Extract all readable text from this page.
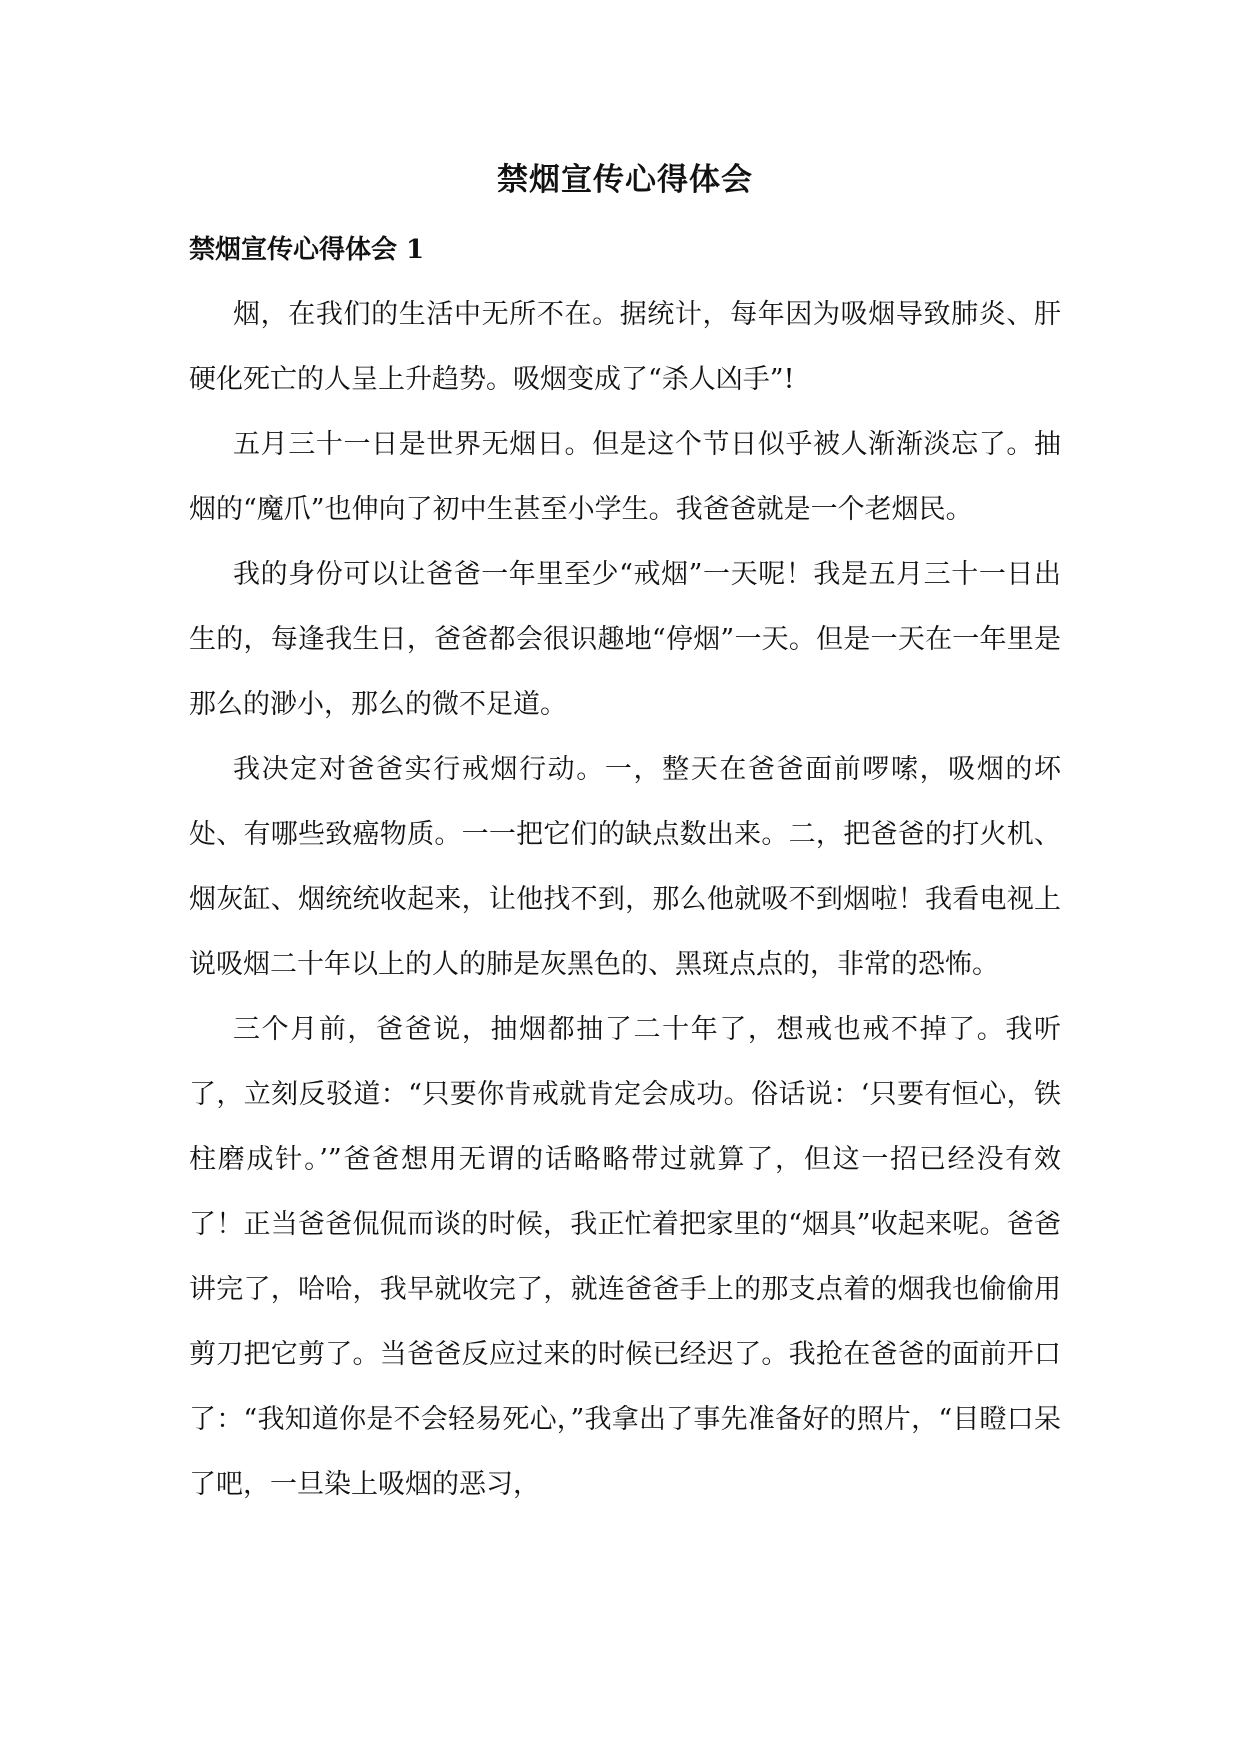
禁烟宣传心得体会
禁烟宣传心得体会 1

烟，在我们的生活中无所不在。据统计，每年因为吸烟导致肺炎、肝硬化死亡的人呈上升趋势。吸烟变成了“杀人凶手”!

五月三十一日是世界无烟日。但是这个节日似乎被人渐渐淡忘了。抽烟的“魔爪”也伸向了初中生甚至小学生。我爸爸就是一个老烟民。

我的身份可以让爸爸一年里至少“戒烟”一天呢！我是五月三十一日出生的，每逢我生日，爸爸都会很识趣地“停烟”一天。但是一天在一年里是那么的渺小，那么的微不足道。

我决定对爸爸实行戒烟行动。一，整天在爸爸面前啰嗦，吸烟的坏处、有哪些致癌物质。一一把它们的缺点数出来。二，把爸爸的打火机、烟灰缸、烟统统收起来，让他找不到，那么他就吸不到烟啦！我看电视上说吸烟二十年以上的人的肺是灰黑色的、黑斑点点的，非常的恐怖。

三个月前，爸爸说，抽烟都抽了二十年了，想戒也戒不掉了。我听了，立刻反驳道：“只要你肯戒就肯定会成功。俗话说：‘只要有恒心，铁柱磨成针。’”爸爸想用无谓的话略略带过就算了，但这一招已经没有效了！正当爸爸侃侃而谈的时候，我正忙着把家里的“烟具”收起来呢。爸爸讲完了，哈哈，我早就收完了，就连爸爸手上的那支点着的烟我也偷偷用剪刀把它剪了。当爸爸反应过来的时候已经迟了。我抢在爸爸的面前开口了：“我知道你是不会轻易死心，”我拿出了事先准备好的照片，“目瞪口呆了吧，一旦染上吸烟的恶习，
